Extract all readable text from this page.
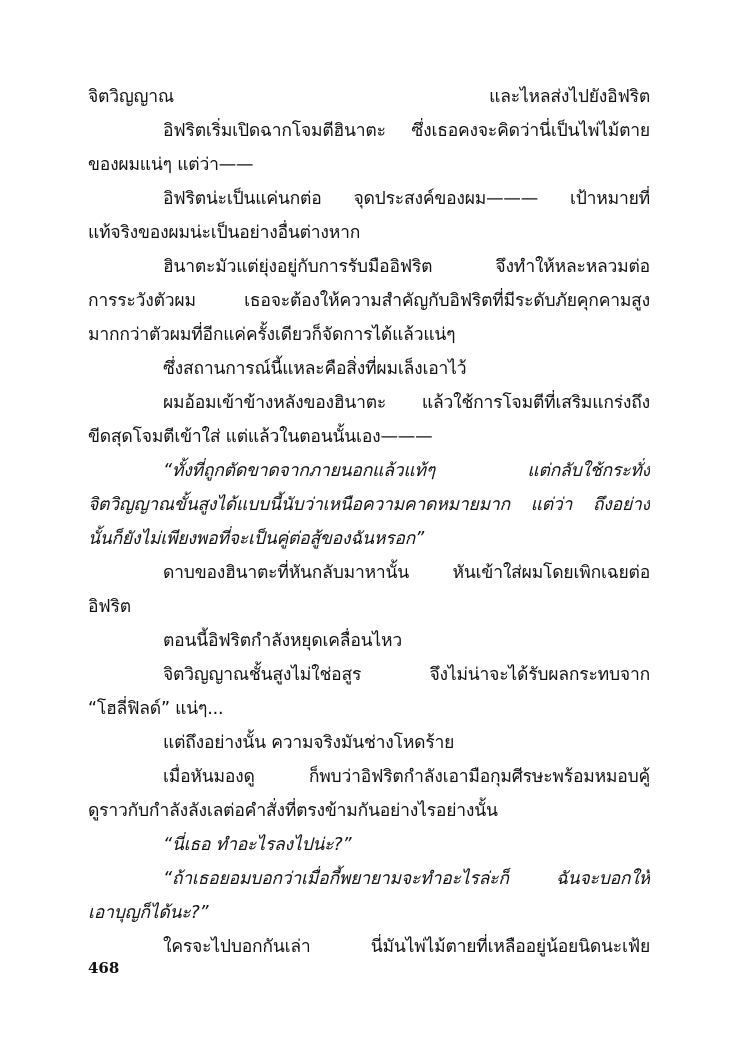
จิตวิญญาณ และไหลส่งไปยังอิฟริต
อิฟริตเริ่มเปิดฉากโจมตีฮินาตะ ซึ่งเธอคงจะคิดว่านี่เป็นไพ่ไม้ตาย
ของผมแน่ๆ แต่ว่า——
อิฟริตน่ะเป็นแค่นกต่อ จุดประสงค์ของผม——— เป้าหมายที่
แท้จริงของผมน่ะเป็นอย่างอื่นต่างหาก
ฮินาตะมัวแต่ยุ่งอยู่กับการรับมืออิฟริต จึงทำให้หละหลวมต่อ
การระวังตัวผม เธอจะต้องให้ความสำคัญกับอิฟริตที่มีระดับภัยคุกคามสูง
มากกว่าตัวผมที่อีกแค่ครั้งเดียวก็จัดการได้แล้วแน่ๆ
ซึ่งสถานการณ์นี้แหละคือสิ่งที่ผมเล็งเอาไว้
ผมอ้อมเข้าข้างหลังของฮินาตะ แล้วใช้การโจมตีที่เสริมแกร่งถึง
ขีดสุดโจมตีเข้าใส่ แต่แล้วในตอนนั้นเอง———
“ทั้งที่ถูกตัดขาดจากภายนอกแล้วแท้ๆ แต่กลับใช้กระทั่ง
จิตวิญญาณขั้นสูงได้แบบนี้นับว่าเหนือความคาดหมายมาก แต่ว่า ถึงอย่าง
นั้นก็ยังไม่เพียงพอที่จะเป็นคู่ต่อสู้ของฉันหรอก”
ดาบของฮินาตะที่หันกลับมาหานั้น หันเข้าใส่ผมโดยเพิกเฉยต่อ
อิฟริต
ตอนนี้อิฟริตกำลังหยุดเคลื่อนไหว
จิตวิญญาณชั้นสูงไม่ใช่อสูร จึงไม่น่าจะได้รับผลกระทบจาก
“โฮลี่ฟิลด์” แน่ๆ...
แต่ถึงอย่างนั้น ความจริงมันช่างโหดร้าย
เมื่อหันมองดู ก็พบว่าอิฟริตกำลังเอามือกุมศีรษะพร้อมหมอบคู้
ดูราวกับกำลังลังเลต่อคำสั่งที่ตรงข้ามกันอย่างไรอย่างนั้น
“นี่เธอ ทำอะไรลงไปน่ะ?”
“ถ้าเธอยอมบอกว่าเมื่อกี้พยายามจะทำอะไรล่ะก็ ฉันจะบอกให้
เอาบุญก็ได้นะ?”
ใครจะไปบอกกันเล่า นี่มันไพ่ไม้ตายที่เหลืออยู่น้อยนิดนะเฟ้ย
468
